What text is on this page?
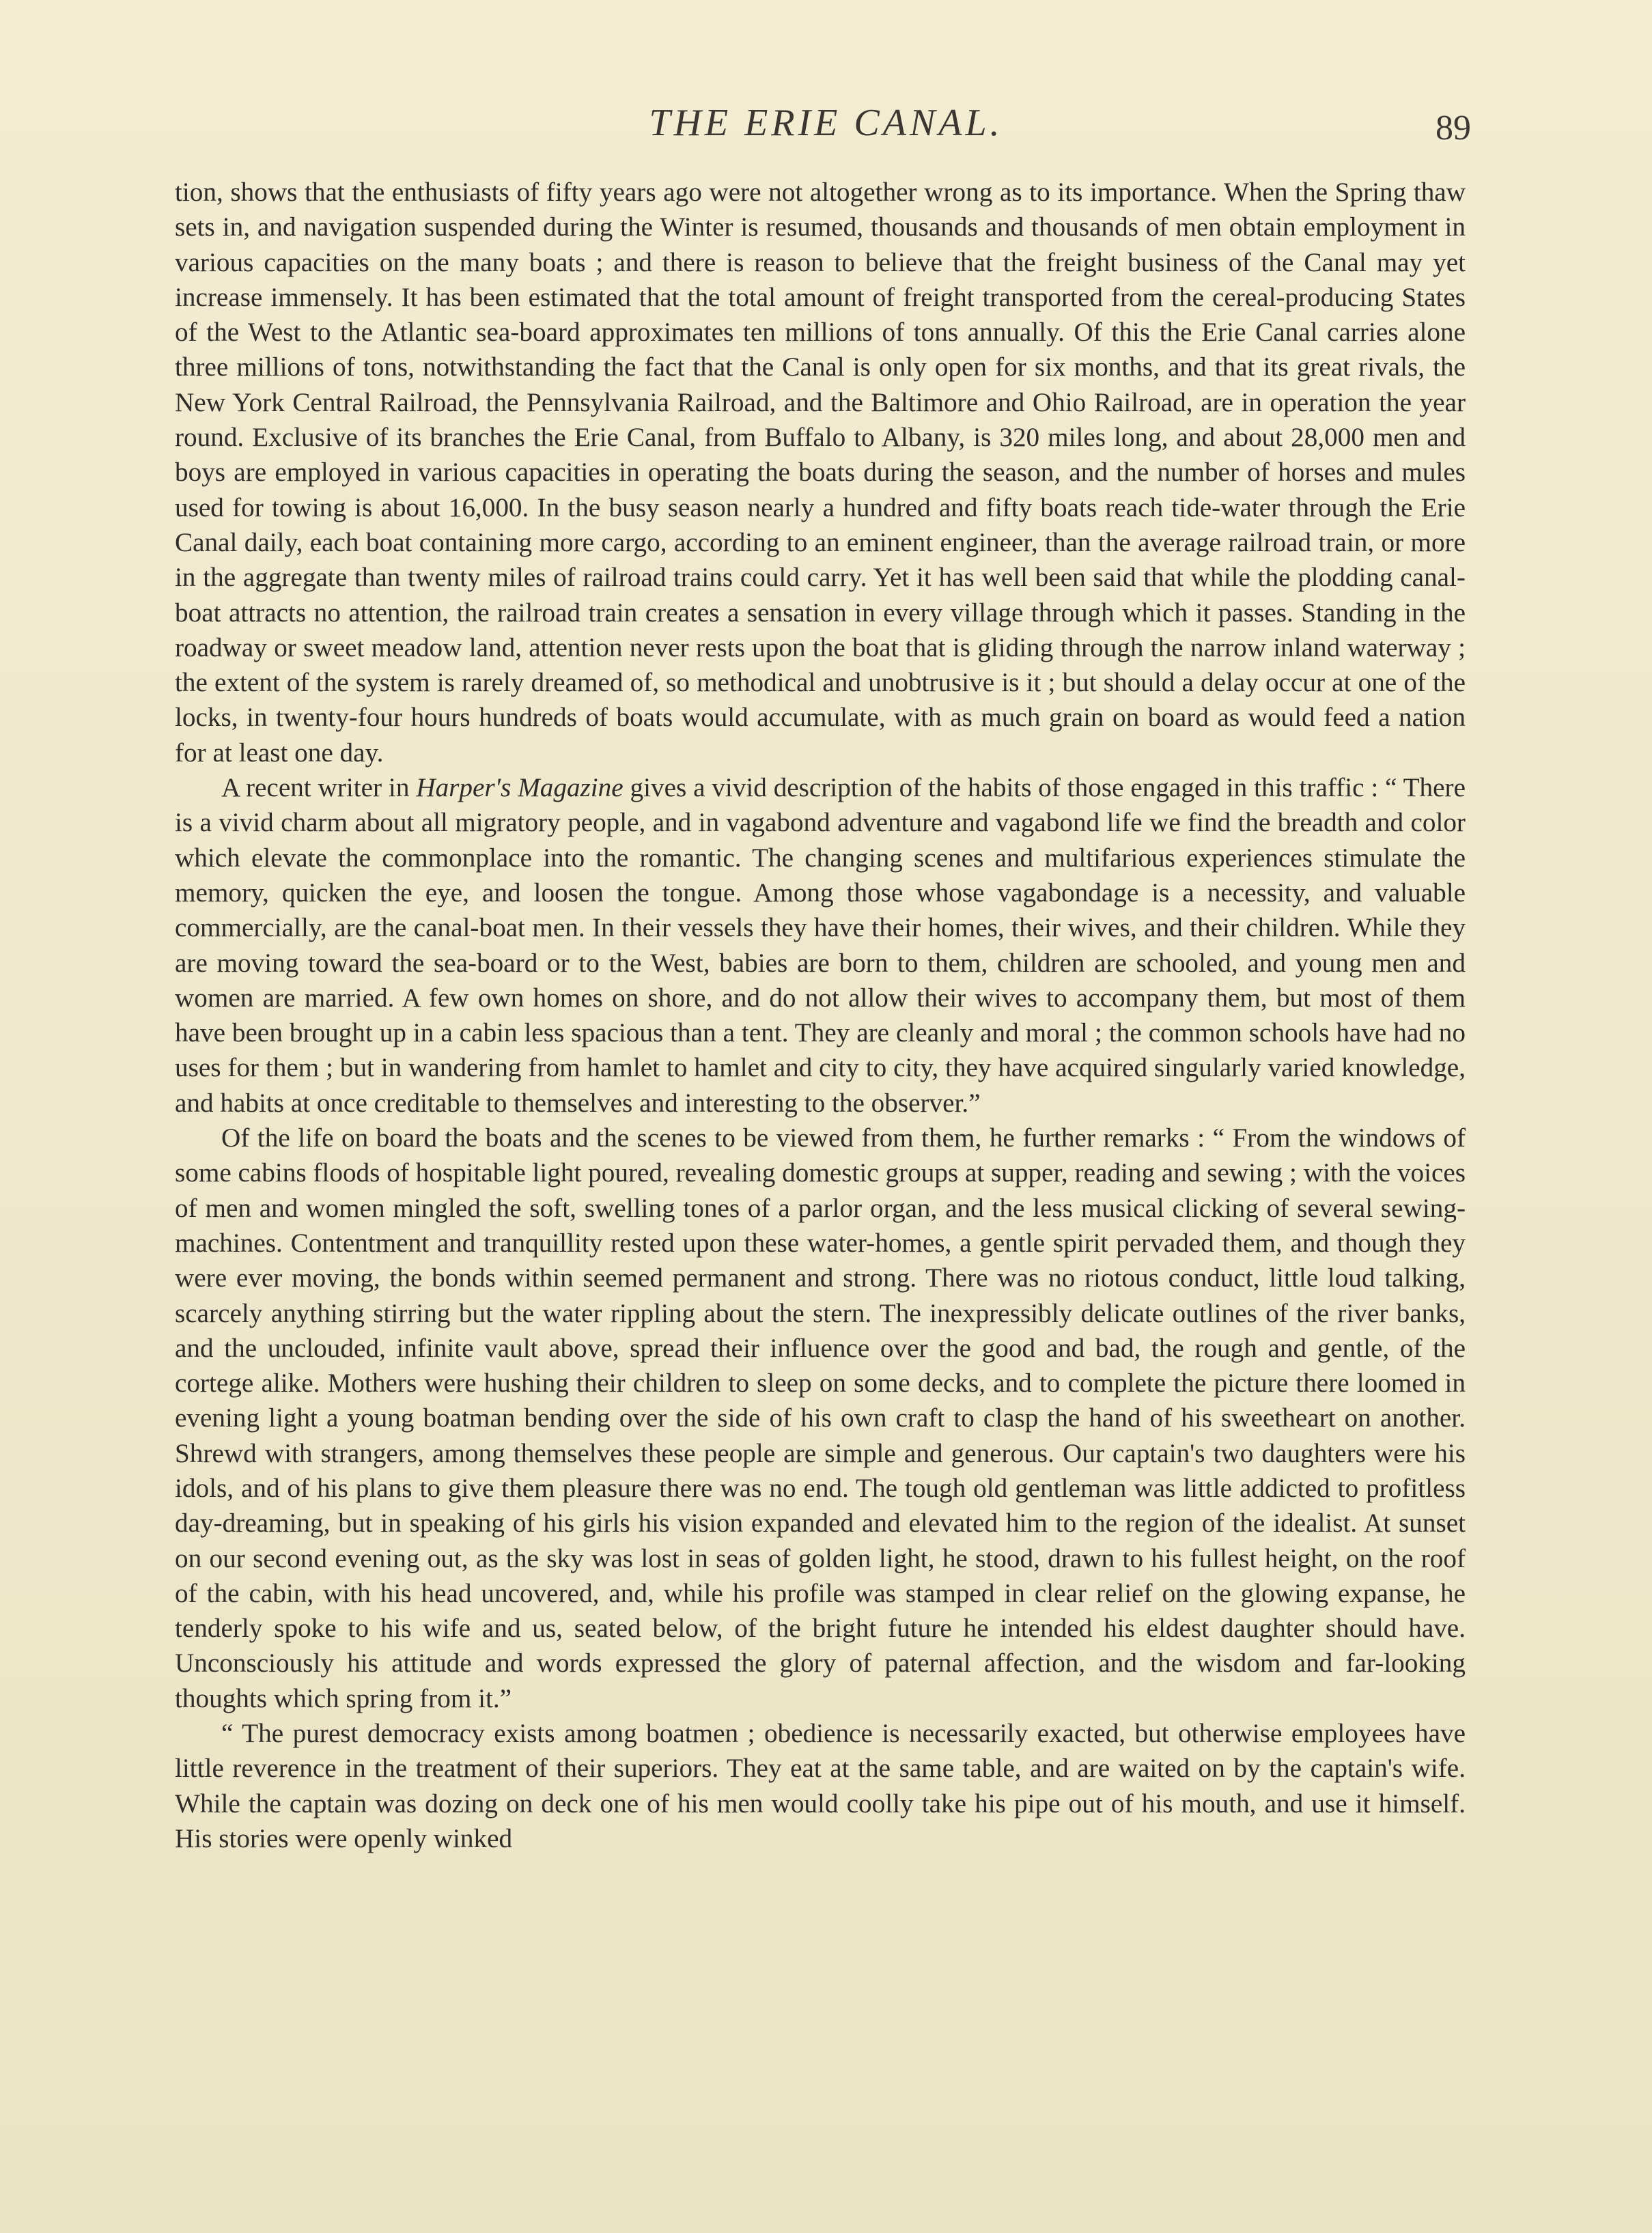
THE ERIE CANAL.	89

tion, shows that the enthusiasts of fifty years ago were not altogether wrong as to its importance. When the Spring thaw sets in, and navigation suspended during the Winter is resumed, thousands and thousands of men obtain employment in various capacities on the many boats ; and there is reason to believe that the freight business of the Canal may yet increase immensely. It has been estimated that the total amount of freight transported from the cereal-producing States of the West to the Atlantic sea-board approximates ten millions of tons annually. Of this the Erie Canal carries alone three millions of tons, notwithstanding the fact that the Canal is only open for six months, and that its great rivals, the New York Central Railroad, the Pennsylvania Railroad, and the Baltimore and Ohio Railroad, are in operation the year round. Exclusive of its branches the Erie Canal, from Buffalo to Albany, is 320 miles long, and about 28,000 men and boys are employed in various capacities in operating the boats during the season, and the number of horses and mules used for towing is about 16,000. In the busy season nearly a hundred and fifty boats reach tide-water through the Erie Canal daily, each boat containing more cargo, according to an eminent engineer, than the average railroad train, or more in the aggregate than twenty miles of railroad trains could carry. Yet it has well been said that while the plodding canal-boat attracts no attention, the railroad train creates a sensation in every village through which it passes. Standing in the roadway or sweet meadow land, attention never rests upon the boat that is gliding through the narrow inland waterway ; the extent of the system is rarely dreamed of, so methodical and unobtrusive is it ; but should a delay occur at one of the locks, in twenty-four hours hundreds of boats would accumulate, with as much grain on board as would feed a nation for at least one day.

A recent writer in Harper's Magazine gives a vivid description of the habits of those engaged in this traffic : “ There is a vivid charm about all migratory people, and in vagabond adventure and vagabond life we find the breadth and color which elevate the commonplace into the romantic. The changing scenes and multifarious experiences stimulate the memory, quicken the eye, and loosen the tongue. Among those whose vagabondage is a necessity, and valuable commercially, are the canal-boat men. In their vessels they have their homes, their wives, and their children. While they are moving toward the sea-board or to the West, babies are born to them, children are schooled, and young men and women are married. A few own homes on shore, and do not allow their wives to accompany them, but most of them have been brought up in a cabin less spacious than a tent. They are cleanly and moral ; the common schools have had no uses for them ; but in wandering from hamlet to hamlet and city to city, they have acquired singularly varied knowledge, and habits at once creditable to themselves and interesting to the observer.”

Of the life on board the boats and the scenes to be viewed from them, he further remarks : “ From the windows of some cabins floods of hospitable light poured, revealing domestic groups at supper, reading and sewing ; with the voices of men and women mingled the soft, swelling tones of a parlor organ, and the less musical clicking of several sewing-machines. Contentment and tranquillity rested upon these water-homes, a gentle spirit pervaded them, and though they were ever moving, the bonds within seemed permanent and strong. There was no riotous conduct, little loud talking, scarcely anything stirring but the water rippling about the stern. The inexpressibly delicate outlines of the river banks, and the unclouded, infinite vault above, spread their influence over the good and bad, the rough and gentle, of the cortege alike. Mothers were hushing their children to sleep on some decks, and to complete the picture there loomed in evening light a young boatman bending over the side of his own craft to clasp the hand of his sweetheart on another. Shrewd with strangers, among themselves these people are simple and generous. Our captain's two daughters were his idols, and of his plans to give them pleasure there was no end. The tough old gentleman was little addicted to profitless day-dreaming, but in speaking of his girls his vision expanded and elevated him to the region of the idealist. At sunset on our second evening out, as the sky was lost in seas of golden light, he stood, drawn to his fullest height, on the roof of the cabin, with his head uncovered, and, while his profile was stamped in clear relief on the glowing expanse, he tenderly spoke to his wife and us, seated below, of the bright future he intended his eldest daughter should have. Unconsciously his attitude and words expressed the glory of paternal affection, and the wisdom and far-looking thoughts which spring from it.”

“ The purest democracy exists among boatmen ; obedience is necessarily exacted, but otherwise employees have little reverence in the treatment of their superiors. They eat at the same table, and are waited on by the captain's wife. While the captain was dozing on deck one of his men would coolly take his pipe out of his mouth, and use it himself. His stories were openly winked
